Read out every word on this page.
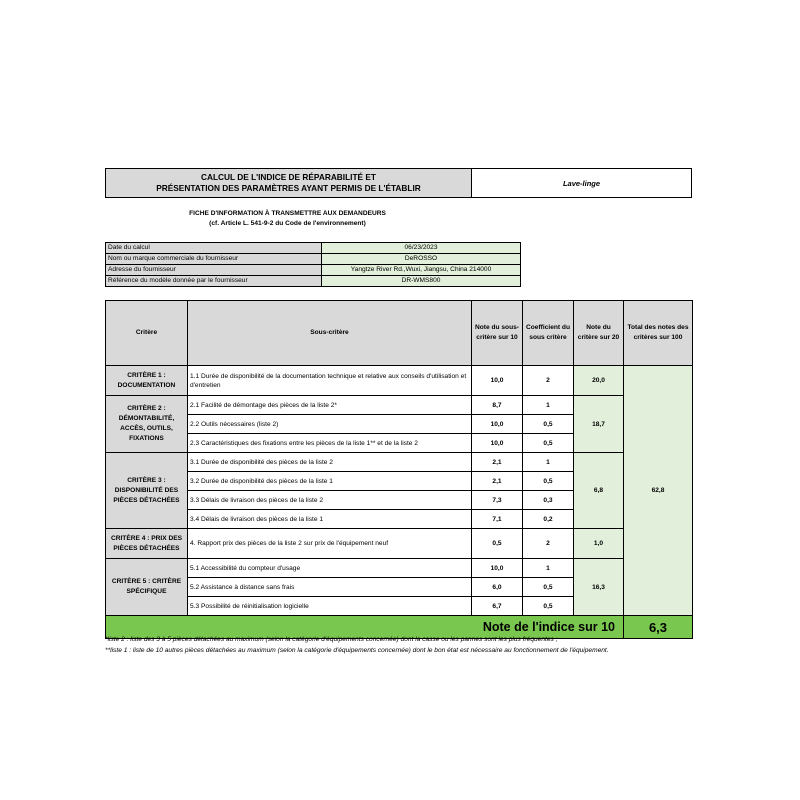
CALCUL DE L'INDICE DE RÉPARABILITÉ ET
PRÉSENTATION DES PARAMÈTRES AYANT PERMIS DE L'ÉTABLIR	Lave-linge
FICHE D'INFORMATION À TRANSMETTRE AUX DEMANDEURS
(cf. Article L. 541-9-2 du Code de l'environnement)
Date du calcul	06/23/2023
Nom ou marque commerciale du fournisseur	DeROSSO
Adresse du fournisseur	Yangtze River Rd.,Wuxi, Jiangsu, China 214000
Référence du modèle donnée par le fournisseur	DR-WMS800
Critère	Sous-critère	Note du sous-critère sur 10	Coefficient du sous critère	Note du critère sur 20	Total des notes des critères sur 100
CRITÈRE 1 : DOCUMENTATION	1.1 Durée de disponibilité de la documentation technique et relative aux conseils d'utilisation et d'entretien	10,0	2	20,0	62,8
CRITÈRE 2 : DÉMONTABILITÉ, ACCÈS, OUTILS, FIXATIONS	2.1 Facilité de démontage des pièces de la liste 2*	8,7	1	18,7	
	2.2 Outils nécessaires (liste 2)	10,0	0,5		
	2.3 Caractéristiques des fixations entre les pièces de la liste 1** et de la liste 2	10,0	0,5		
CRITÈRE 3 : DISPONIBILITÉ DES PIÈCES DÉTACHÉES	3.1 Durée de disponibilité des pièces de la liste 2	2,1	1	6,8	
	3.2 Durée de disponibilité des pièces de la liste 1	2,1	0,5		
	3.3 Délais de livraison des pièces de la liste 2	7,3	0,3		
	3.4 Délais de livraison des pièces de la liste 1	7,1	0,2		
CRITÈRE 4 : PRIX DES PIÈCES DÉTACHÉES	4. Rapport prix des pièces de la liste 2 sur prix de l'équipement neuf	0,5	2	1,0	
CRITÈRE 5 : CRITÈRE SPÉCIFIQUE	5.1 Accessibilité du compteur d'usage	10,0	1	16,3	
	5.2 Assistance à distance sans frais	6,0	0,5		
	5.3 Possibilité de réinitialisation logicielle	6,7	0,5		
Note de l'indice sur 10					6,3
*liste 2 : liste des 3 à 5 pièces détachées au maximum (selon la catégorie d'équipements concernée) dont la casse ou les pannes sont les plus fréquentes ;
**liste 1 : liste de 10 autres pièces détachées au maximum (selon la catégorie d'équipements concernée) dont le bon état est nécessaire au fonctionnement de l'équipement.
